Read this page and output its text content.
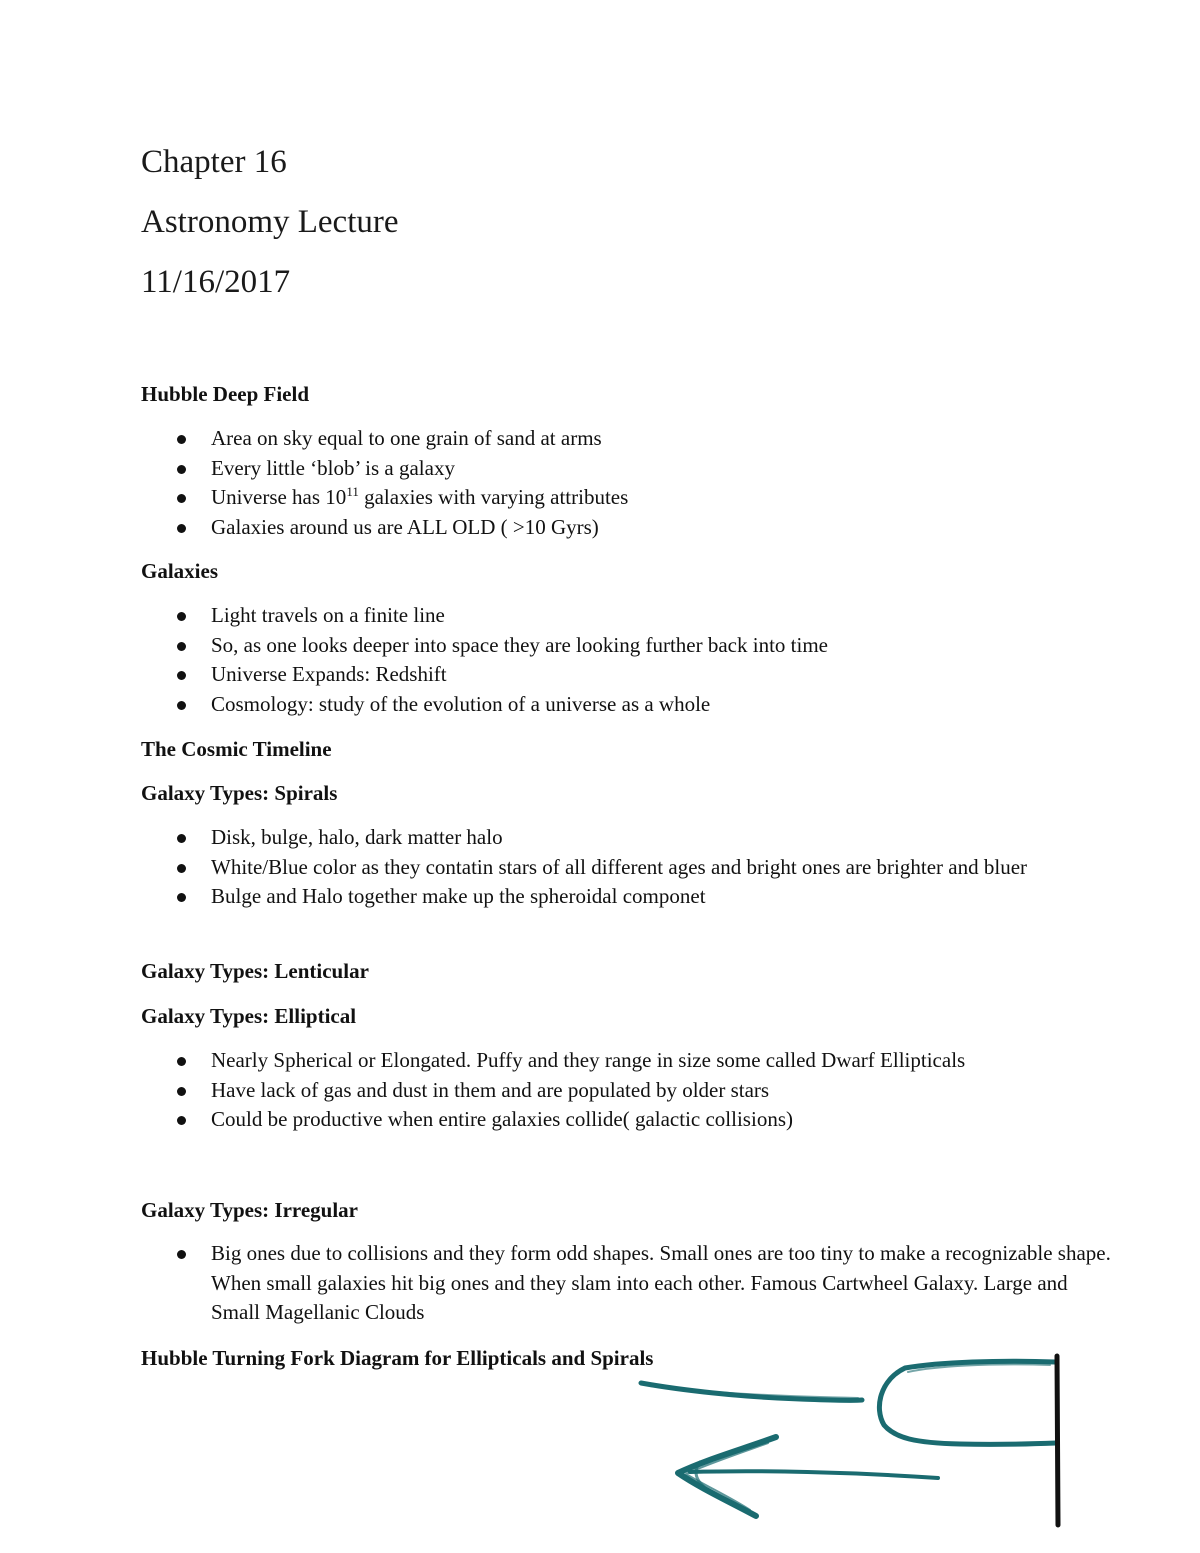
Chapter 16
Astronomy Lecture
11/16/2017
Hubble Deep Field
Area on sky equal to one grain of sand at arms
Every little ‘blob’ is a galaxy
Universe has $10^{11}$ galaxies with varying attributes
Galaxies around us are ALL OLD ( >10 Gyrs)
Galaxies
Light travels on a finite line
So, as one looks deeper into space they are looking further back into time
Universe Expands: Redshift
Cosmology: study of the evolution of a universe as a whole
The Cosmic Timeline
Galaxy Types: Spirals
Disk, bulge, halo, dark matter halo
White/Blue color as they contatin stars of all different ages and bright ones are brighter and bluer
Bulge and Halo together make up the spheroidal componet
Galaxy Types: Lenticular
Galaxy Types: Elliptical
Nearly Spherical or Elongated. Puffy and they range in size some called Dwarf Ellipticals
Have lack of gas and dust in them and are populated by older stars
Could be productive when entire galaxies collide( galactic collisions)
Galaxy Types: Irregular
Big ones due to collisions and they form odd shapes. Small ones are too tiny to make a recognizable shape. When small galaxies hit big ones and they slam into each other. Famous Cartwheel Galaxy. Large and Small Magellanic Clouds
Hubble Turning Fork Diagram for Ellipticals and Spirals
